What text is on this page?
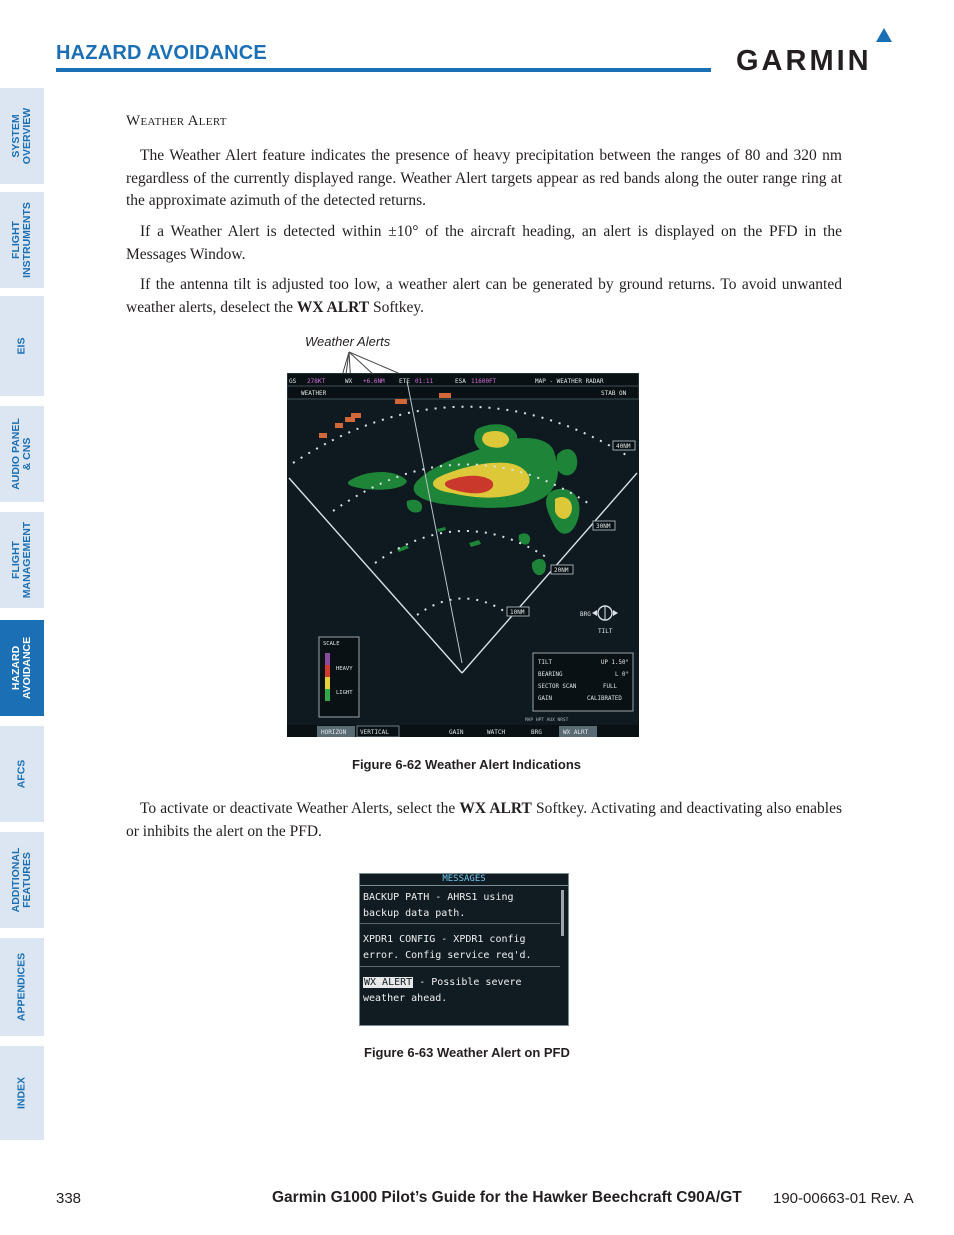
HAZARD AVOIDANCE	GARMIN
SYSTEM
OVERVIEW
FLIGHT
INSTRUMENTS
EIS
AUDIO PANEL
& CNS
FLIGHT
MANAGEMENT
HAZARD
AVOIDANCE
AFCS
ADDITIONAL
FEATURES
APPENDICES
INDEX
Weather Alert

The Weather Alert feature indicates the presence of heavy precipitation between the ranges of 80 and 320 nm regardless of the currently displayed range. Weather Alert targets appear as red bands along the outer range ring at the approximate azimuth of the detected returns.

If a Weather Alert is detected within ±10° of the aircraft heading, an alert is displayed on the PFD in the Messages Window.

If the antenna tilt is adjusted too low, a weather alert can be generated by ground returns. To avoid unwanted weather alerts, deselect the WX ALRT Softkey.

Weather Alerts
40NM
30NM
20NM
10NM	BRG
TILT
SCALE
HEAVY
LIGHT
TILT	UP 1.50°
BEARING	L 0°
SECTOR SCAN	FULL
GAIN	CALIBRATED
MAP HPT AUX NRST
GS 278KT	WX +6.6NM ETE 01:11	ESA 11600FT	MAP - WEATHER RADAR
WEATHER	STAB ON
HORIZON VERTICAL	GAIN	WATCH	BRG	WX ALRT
Figure 6-62 Weather Alert Indications

To activate or deactivate Weather Alerts, select the WX ALRT Softkey. Activating and deactivating also enables or inhibits the alert on the PFD.

MESSAGES
BACKUP PATH - AHRS1 using
backup data path.
XPDR1 CONFIG - XPDR1 config
error. Config service req'd.
WX ALERT - Possible severe
weather ahead.
Figure 6-63 Weather Alert on PFD
338	Garmin G1000 Pilot’s Guide for the Hawker Beechcraft C90A/GT 190-00663-01 Rev. A
